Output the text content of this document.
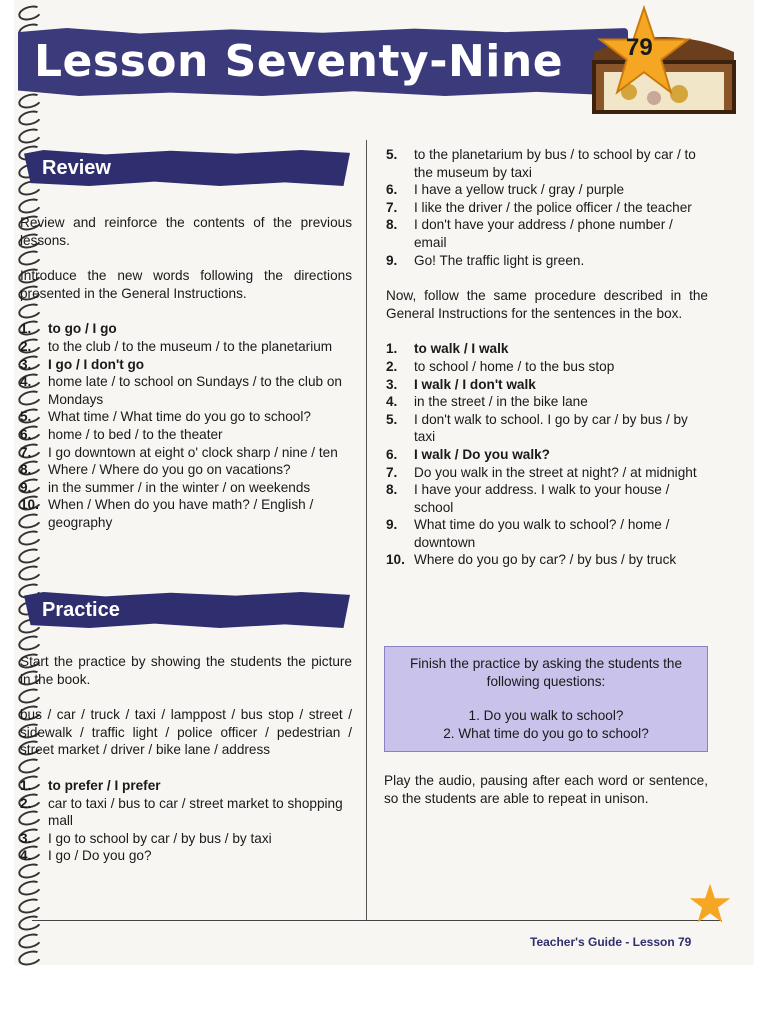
Lesson Seventy-Nine	79
Review

Review and reinforce the contents of the previous lessons.

Introduce the new words following the directions presented in the General Instructions.

1.	to go / I go
2.	to the club / to the museum / to the planetarium
3.	I go / I don't go
4.	home late / to school on Sundays / to the club on Mondays
5.	What time / What time do you go to school?
6.	home / to bed / to the theater
7.	I go downtown at eight o' clock sharp / nine / ten
8.	Where / Where do you go on vacations?
9.	in the summer / in the winter / on weekends
10. When / When do you have math? / English / geography
Practice

Start the practice by showing the students the picture in the book.

bus / car / truck / taxi / lamppost / bus stop / street / sidewalk / traffic light / police officer / pedestrian / street market / driver / bike lane / address

1.	to prefer / I prefer
2.	car to taxi / bus to car / street market to shopping mall
3.	I go to school by car / by bus / by taxi
4.	I go / Do you go?
5.	to the planetarium by bus / to school by car / to the museum by taxi
6.	I have a yellow truck / gray / purple
7.	I like the driver / the police officer / the teacher
8.	I don't have your address / phone number / email
9.	Go! The traffic light is green.

Now, follow the same procedure described in the General Instructions for the sentences in the box.

1.	to walk / I walk
2.	to school / home / to the bus stop
3.	I walk / I don't walk
4.	in the street / in the bike lane
5.	I don't walk to school. I go by car / by bus / by taxi
6.	I walk / Do you walk?
7.	Do you walk in the street at night? / at midnight
8.	I have your address. I walk to your house / school
9.	What time do you walk to school? / home / downtown
10. Where do you go by car? / by bus / by truck
Finish the practice by asking the students the following questions:
1. Do you walk to school?
2. What time do you go to school?

Play the audio, pausing after each word or sentence, so the students are able to repeat in unison.

Teacher's Guide - Lesson 79
